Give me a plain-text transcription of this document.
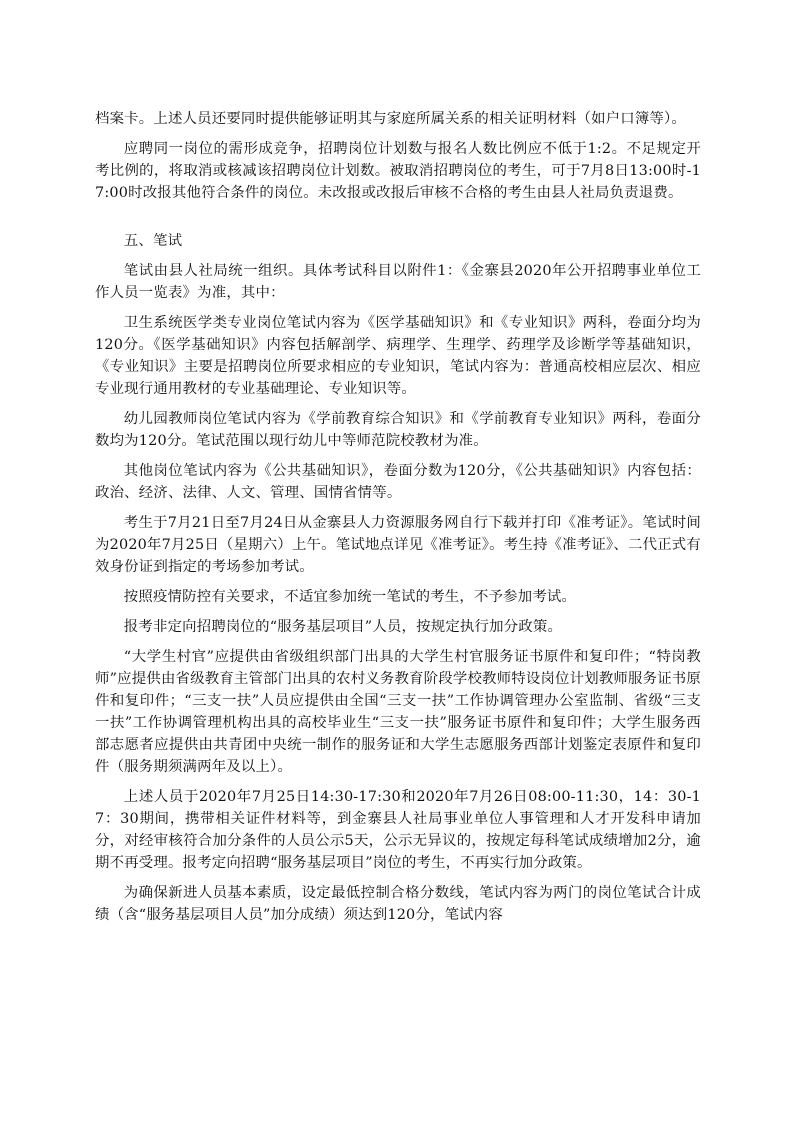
档案卡。上述人员还要同时提供能够证明其与家庭所属关系的相关证明材料（如户口簿等）。

应聘同一岗位的需形成竞争，招聘岗位计划数与报名人数比例应不低于1:2。不足规定开考比例的，将取消或核减该招聘岗位计划数。被取消招聘岗位的考生，可于7月8日13:00时-17:00时改报其他符合条件的岗位。未改报或改报后审核不合格的考生由县人社局负责退费。

五、笔试

笔试由县人社局统一组织。具体考试科目以附件1：《金寨县2020年公开招聘事业单位工作人员一览表》为准，其中：

卫生系统医学类专业岗位笔试内容为《医学基础知识》和《专业知识》两科，卷面分均为120分。《医学基础知识》内容包括解剖学、病理学、生理学、药理学及诊断学等基础知识，《专业知识》主要是招聘岗位所要求相应的专业知识，笔试内容为：普通高校相应层次、相应专业现行通用教材的专业基础理论、专业知识等。

幼儿园教师岗位笔试内容为《学前教育综合知识》和《学前教育专业知识》两科，卷面分数均为120分。笔试范围以现行幼儿中等师范院校教材为准。

其他岗位笔试内容为《公共基础知识》，卷面分数为120分，《公共基础知识》内容包括：政治、经济、法律、人文、管理、国情省情等。

考生于7月21日至7月24日从金寨县人力资源服务网自行下载并打印《准考证》。笔试时间为2020年7月25日（星期六）上午。笔试地点详见《准考证》。考生持《准考证》、二代正式有效身份证到指定的考场参加考试。

按照疫情防控有关要求，不适宜参加统一笔试的考生，不予参加考试。

报考非定向招聘岗位的“服务基层项目”人员，按规定执行加分政策。

“大学生村官”应提供由省级组织部门出具的大学生村官服务证书原件和复印件；“特岗教师”应提供由省级教育主管部门出具的农村义务教育阶段学校教师特设岗位计划教师服务证书原件和复印件；“三支一扶”人员应提供由全国“三支一扶”工作协调管理办公室监制、省级“三支一扶”工作协调管理机构出具的高校毕业生“三支一扶”服务证书原件和复印件；大学生服务西部志愿者应提供由共青团中央统一制作的服务证和大学生志愿服务西部计划鉴定表原件和复印件（服务期须满两年及以上）。

上述人员于2020年7月25日14:30-17:30和2020年7月26日08:00-11:30，14：30-17：30期间，携带相关证件材料等，到金寨县人社局事业单位人事管理和人才开发科申请加分，对经审核符合加分条件的人员公示5天，公示无异议的，按规定每科笔试成绩增加2分，逾期不再受理。报考定向招聘“服务基层项目”岗位的考生，不再实行加分政策。

为确保新进人员基本素质，设定最低控制合格分数线，笔试内容为两门的岗位笔试合计成绩（含“服务基层项目人员”加分成绩）须达到120分，笔试内容
